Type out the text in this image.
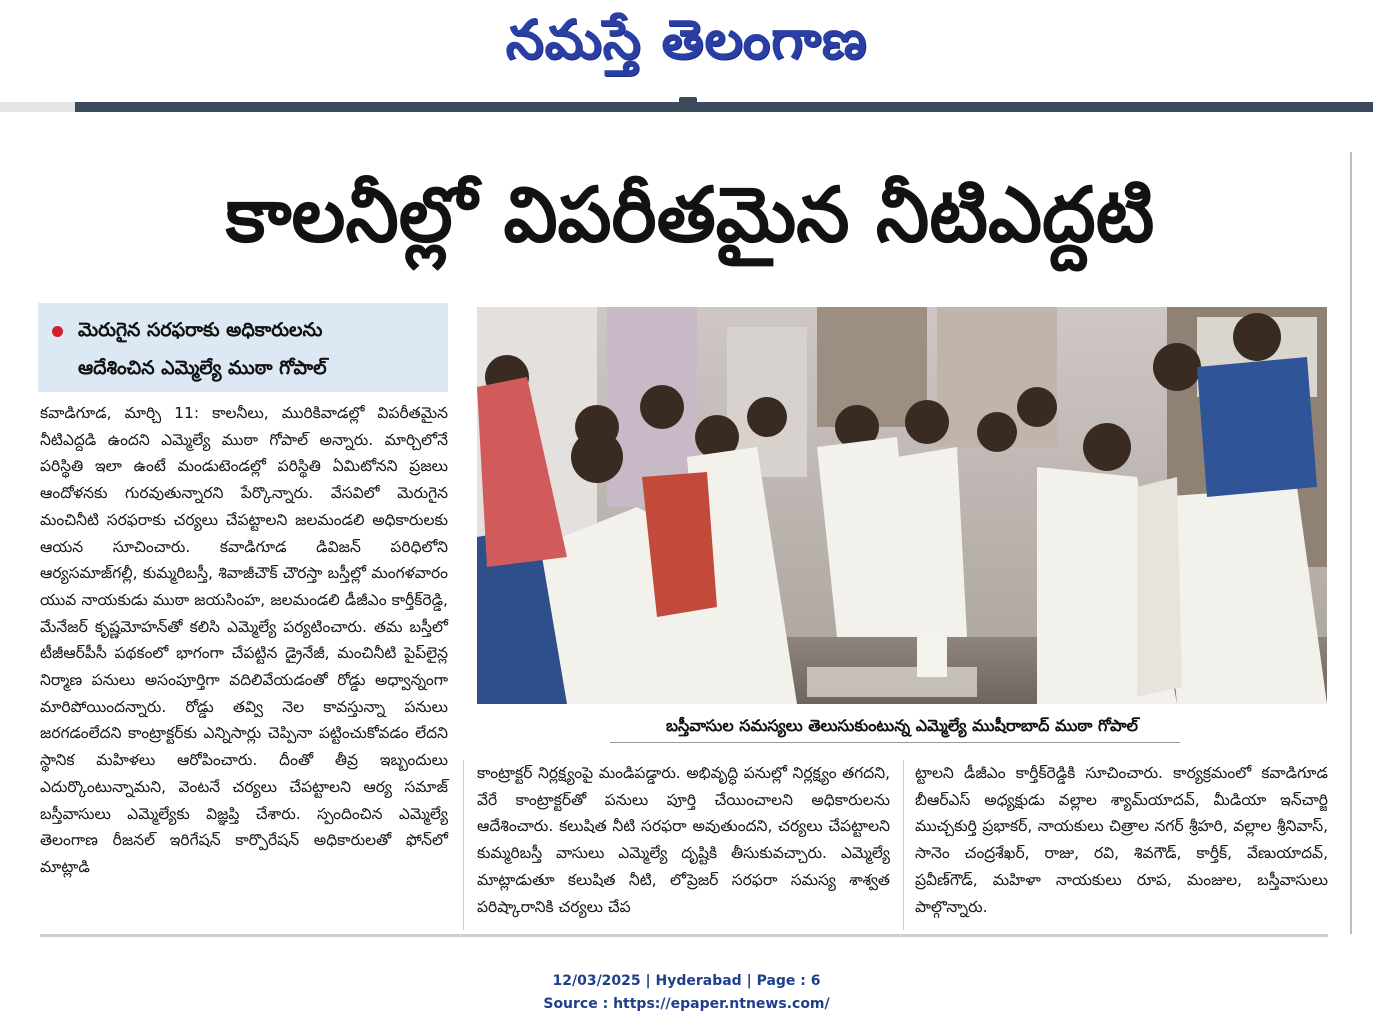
నమస్తే తెలంగాణ
కాలనీల్లో విపరీతమైన నీటిఎద్దటి
మెరుగైన సరఫరాకు అధికారులను
ఆదేశించిన ఎమ్మెల్యే ముఠా గోపాల్

కవాడిగూడ, మార్చి 11: కాలనీలు, మురికివాడల్లో విపరీతమైన నీటిఎద్దడి ఉందని ఎమ్మెల్యే ముఠా గోపాల్ అన్నారు. మార్చిలోనే పరిస్థితి ఇలా ఉంటే మండుటెండల్లో పరిస్థితి ఏమిటోనని ప్రజలు ఆందోళనకు గురవుతున్నారని పేర్కొన్నారు. వేసవిలో మెరుగైన మంచినీటి సరఫరాకు చర్యలు చేపట్టాలని జలమండలి అధికారులకు ఆయన సూచించారు. కవాడిగూడ డివిజన్ పరిధిలోని ఆర్యసమాజ్‌గల్లీ, కుమ్మరిబస్తీ, శివాజీచౌక్ చౌరస్తా బస్తీల్లో మంగళవారం యువ నాయకుడు ముఠా జయసింహ, జలమండలి డీజీఎం కార్తీక్‌రెడ్డి, మేనేజర్ కృష్ణమోహన్‌తో కలిసి ఎమ్మెల్యే పర్యటించారు. తమ బస్తీలో టీజీఆర్‌పీసీ పథకంలో భాగంగా చేపట్టిన డ్రైనేజీ, మంచినీటి పైప్‌లైన్ల నిర్మాణ పనులు అసంపూర్తిగా వదిలివేయడంతో రోడ్డు అధ్వాన్నంగా మారిపోయిందన్నారు. రోడ్డు తవ్వి నెల కావస్తున్నా పనులు జరగడంలేదని కాంట్రాక్టర్‌కు ఎన్నిసార్లు చెప్పినా పట్టించుకోవడం లేదని స్థానిక మహిళలు ఆరోపించారు. దీంతో తీవ్ర ఇబ్బందులు ఎదుర్కొంటున్నామని, వెంటనే చర్యలు చేపట్టాలని ఆర్య సమాజ్ బస్తీవాసులు ఎమ్మెల్యేకు విజ్ఞప్తి చేశారు. స్పందించిన ఎమ్మెల్యే తెలంగాణ రీజనల్ ఇరిగేషన్ కార్పొరేషన్ అధికారులతో ఫోన్‌లో మాట్లాడి

బస్తీవాసుల సమస్యలు తెలుసుకుంటున్న ఎమ్మెల్యే ముషీరాబాద్ ముఠా గోపాల్

కాంట్రాక్టర్ నిర్లక్ష్యంపై మండిపడ్డారు. అభివృద్ధి పనుల్లో నిర్లక్ష్యం తగదని, వేరే కాంట్రాక్టర్‌తో పనులు పూర్తి చేయించాలని అధికారులను ఆదేశించారు. కలుషిత నీటి సరఫరా అవుతుందని, చర్యలు చేపట్టాలని కుమ్మరిబస్తీ వాసులు ఎమ్మెల్యే దృష్టికి తీసుకువచ్చారు. ఎమ్మెల్యే మాట్లాడుతూ కలుషిత నీటి, లోప్రెజర్ సరఫరా సమస్య శాశ్వత పరిష్కారానికి చర్యలు చేప

ట్టాలని డీజీఎం కార్తీక్‌రెడ్డికి సూచించారు. కార్యక్రమంలో కవాడిగూడ బీఆర్‌ఎస్ అధ్యక్షుడు వల్లాల శ్యామ్‌యాదవ్, మీడియా ఇన్‌చార్జి ముచ్చకుర్తి ప్రభాకర్, నాయకులు చిత్రాల నగర్ శ్రీహరి, వల్లాల శ్రీనివాస్, సానెం చంద్రశేఖర్, రాజు, రవి, శివగౌడ్, కార్తీక్, వేణుయాదవ్, ప్రవీణ్‌గౌడ్, మహిళా నాయకులు రూప, మంజుల, బస్తీవాసులు పాల్గొన్నారు.

12/03/2025 | Hyderabad | Page : 6
Source : https://epaper.ntnews.com/
